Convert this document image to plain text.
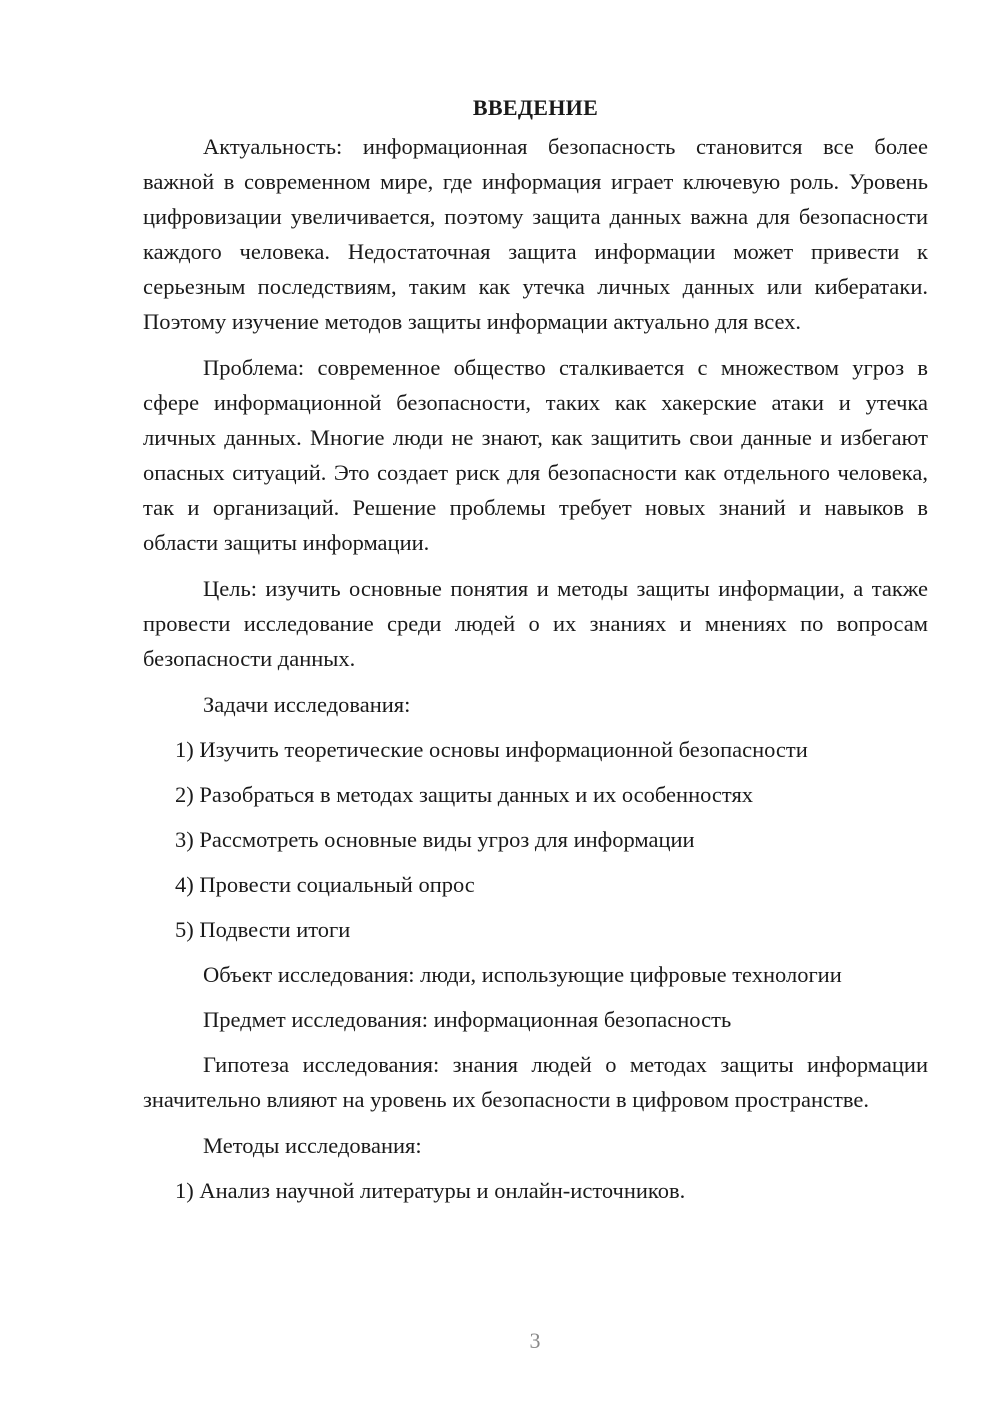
ВВЕДЕНИЕ

Актуальность: информационная безопасность становится все более важной в современном мире, где информация играет ключевую роль. Уровень цифровизации увеличивается, поэтому защита данных важна для безопасности каждого человека. Недостаточная защита информации может привести к серьезным последствиям, таким как утечка личных данных или кибератаки. Поэтому изучение методов защиты информации актуально для всех.

Проблема: современное общество сталкивается с множеством угроз в сфере информационной безопасности, таких как хакерские атаки и утечка личных данных. Многие люди не знают, как защитить свои данные и избегают опасных ситуаций. Это создает риск для безопасности как отдельного человека, так и организаций. Решение проблемы требует новых знаний и навыков в области защиты информации.

Цель: изучить основные понятия и методы защиты информации, а также провести исследование среди людей о их знаниях и мнениях по вопросам безопасности данных.

Задачи исследования:

1) Изучить теоретические основы информационной безопасности
2) Разобраться в методах защиты данных и их особенностях
3) Рассмотреть основные виды угроз для информации
4) Провести социальный опрос
5) Подвести итоги

Объект исследования: люди, использующие цифровые технологии

Предмет исследования: информационная безопасность

Гипотеза исследования: знания людей о методах защиты информации значительно влияют на уровень их безопасности в цифровом пространстве.

Методы исследования:

1) Анализ научной литературы и онлайн-источников.
3
